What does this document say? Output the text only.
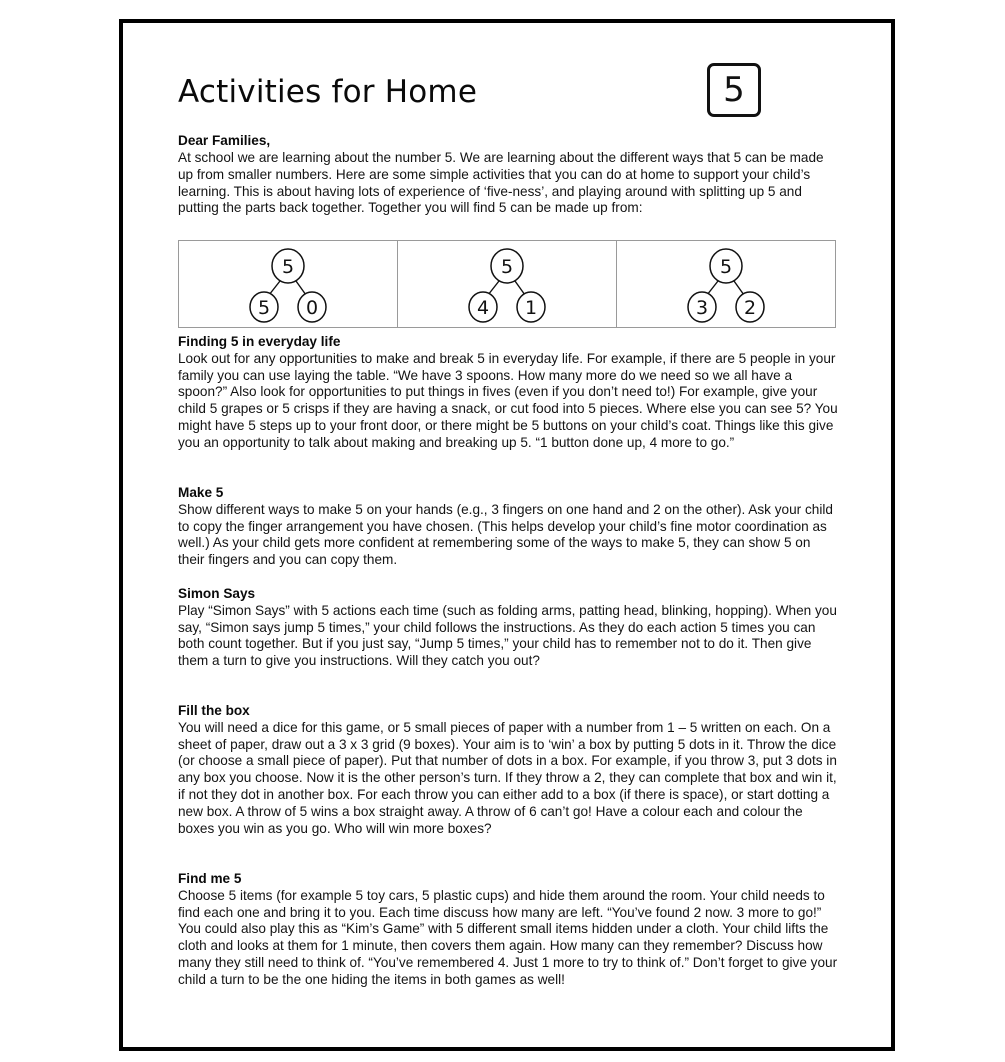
Activities for Home	5

Dear Families,

At school we are learning about the number 5. We are learning about the different ways that 5 can be made up from smaller numbers. Here are some simple activities that you can do at home to support your child’s learning. This is about having lots of experience of ‘five-ness’, and playing around with splitting up 5 and putting the parts back together. Together you will find 5 can be made up from:

5
5 0
5
4 1
5
3 2

Finding 5 in everyday life

Look out for any opportunities to make and break 5 in everyday life. For example, if there are 5 people in your family you can use laying the table. “We have 3 spoons. How many more do we need so we all have a spoon?” Also look for opportunities to put things in fives (even if you don’t need to!) For example, give your child 5 grapes or 5 crisps if they are having a snack, or cut food into 5 pieces. Where else you can see 5? You might have 5 steps up to your front door, or there might be 5 buttons on your child’s coat. Things like this give you an opportunity to talk about making and breaking up 5. “1 button done up, 4 more to go.”

Make 5

Show different ways to make 5 on your hands (e.g., 3 fingers on one hand and 2 on the other). Ask your child to copy the finger arrangement you have chosen. (This helps develop your child’s fine motor coordination as well.) As your child gets more confident at remembering some of the ways to make 5, they can show 5 on their fingers and you can copy them.

Simon Says

Play “Simon Says” with 5 actions each time (such as folding arms, patting head, blinking, hopping). When you say, “Simon says jump 5 times,” your child follows the instructions. As they do each action 5 times you can both count together. But if you just say, “Jump 5 times,” your child has to remember not to do it. Then give them a turn to give you instructions. Will they catch you out?

Fill the box

You will need a dice for this game, or 5 small pieces of paper with a number from 1 – 5 written on each. On a sheet of paper, draw out a 3 x 3 grid (9 boxes). Your aim is to ‘win’ a box by putting 5 dots in it. Throw the dice (or choose a small piece of paper). Put that number of dots in a box. For example, if you throw 3, put 3 dots in any box you choose. Now it is the other person’s turn. If they throw a 2, they can complete that box and win it, if not they dot in another box. For each throw you can either add to a box (if there is space), or start dotting a new box. A throw of 5 wins a box straight away. A throw of 6 can’t go! Have a colour each and colour the boxes you win as you go. Who will win more boxes?

Find me 5

Choose 5 items (for example 5 toy cars, 5 plastic cups) and hide them around the room. Your child needs to find each one and bring it to you. Each time discuss how many are left. “You’ve found 2 now. 3 more to go!” You could also play this as “Kim’s Game” with 5 different small items hidden under a cloth. Your child lifts the cloth and looks at them for 1 minute, then covers them again. How many can they remember? Discuss how many they still need to think of. “You’ve remembered 4. Just 1 more to try to think of.” Don’t forget to give your child a turn to be the one hiding the items in both games as well!
